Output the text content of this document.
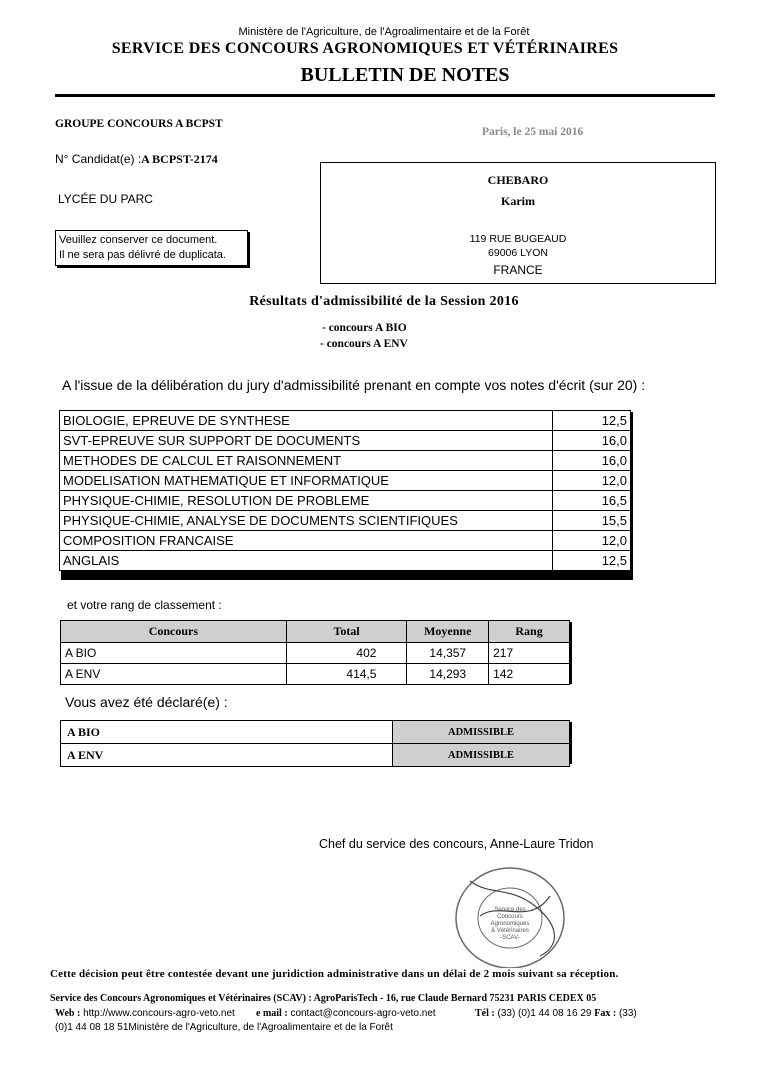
Ministère de l'Agriculture, de l'Agroalimentaire et de la Forêt
SERVICE DES CONCOURS AGRONOMIQUES ET VÉTÉRINAIRES
BULLETIN DE NOTES
GROUPE CONCOURS A BCPST
Paris, le 25 mai 2016
N° Candidat(e) :A BCPST-2174
LYCÉE DU PARC
Veuillez conserver ce document.
Il ne sera pas délivré de duplicata.
CHEBARO
Karim
119 RUE BUGEAUD
69006 LYON
FRANCE
Résultats d'admissibilité de la Session 2016
- concours A BIO
- concours A ENV
A l'issue de la délibération du jury d'admissibilité prenant en compte vos notes d'écrit (sur 20) :
BIOLOGIE, EPREUVE DE SYNTHESE	12,5
SVT-EPREUVE SUR SUPPORT DE DOCUMENTS	16,0
METHODES DE CALCUL ET RAISONNEMENT	16,0
MODELISATION MATHEMATIQUE ET INFORMATIQUE	12,0
PHYSIQUE-CHIMIE, RESOLUTION DE PROBLEME	16,5
PHYSIQUE-CHIMIE, ANALYSE DE DOCUMENTS SCIENTIFIQUES	15,5
COMPOSITION FRANCAISE	12,0
ANGLAIS	12,5
et votre rang de classement :
Concours	Total	Moyenne	Rang
A BIO	402	14,357	217
A ENV	414,5	14,293	142
Vous avez été déclaré(e) :
A BIO	ADMISSIBLE
A ENV	ADMISSIBLE
Chef du service des concours, Anne-Laure Tridon
Service des Concours Agronomiques & Vétérinaires -SCAV-
Cette décision peut être contestée devant une juridiction administrative dans un délai de 2 mois suivant sa réception.
Service des Concours Agronomiques et Vétérinaires (SCAV) : AgroParisTech - 16, rue Claude Bernard 75231 PARIS CEDEX 05
Web : http://www.concours-agro-veto.net e mail : contact@concours-agro-veto.net	Tél : (33) (0)1 44 08 16 29 Fax : (33)
(0)1 44 08 18 51Ministère de l'Agriculture, de l'Agroalimentaire et de la Forêt
